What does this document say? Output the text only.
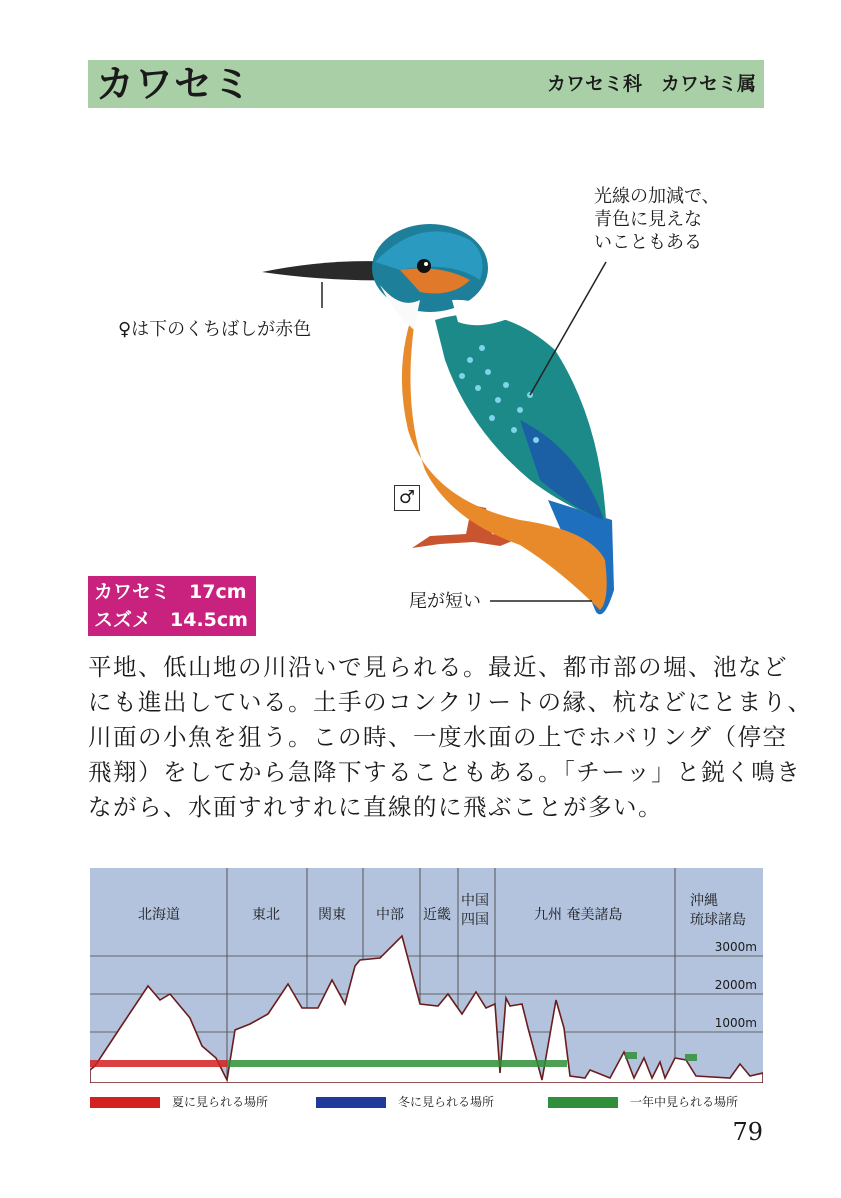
カワセミ	カワセミ科　カワセミ属
光線の加減で、
青色に見えな
いこともある
♀は下のくちばしが赤色
♂
尾が短い
カワセミ　17cm
スズメ　14.5cm

平地、低山地の川沿いで見られる。最近、都市部の堀、池など

にも進出している。土手のコンクリートの縁、杭などにとまり、

川面の小魚を狙う。この時、一度水面の上でホバリング（停空

飛翔）をしてから急降下することもある。「チーッ」と鋭く鳴き

ながら、水面すれすれに直線的に飛ぶことが多い。

北海道	東北	関東 中部 近畿
中国
四国	九州 奄美諸島
沖縄
琉球諸島
3000m
2000m
1000m
夏に見られる場所	冬に見られる場所	一年中見られる場所
79
